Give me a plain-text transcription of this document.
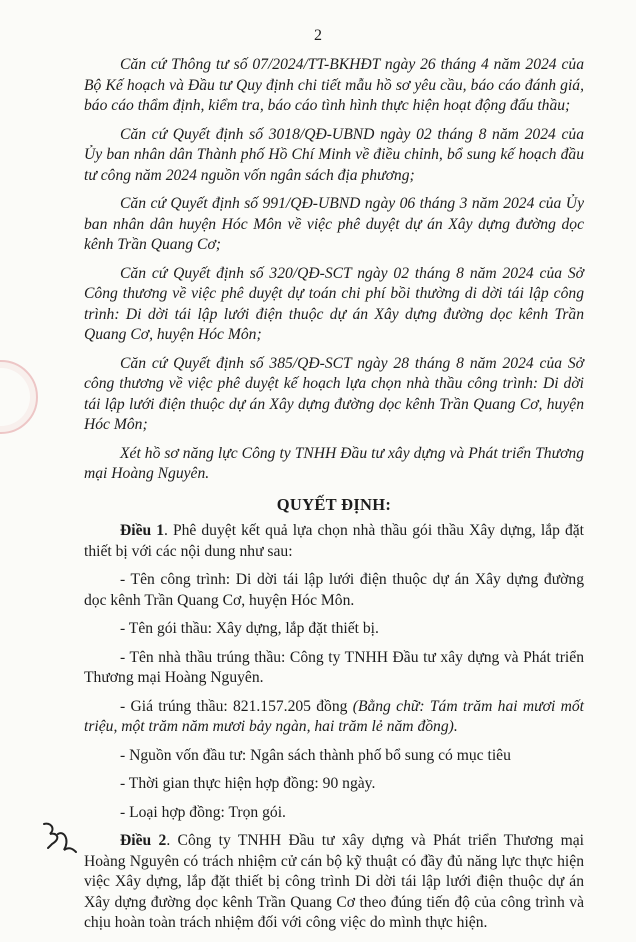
2

Căn cứ Thông tư số 07/2024/TT-BKHĐT ngày 26 tháng 4 năm 2024 của Bộ Kế hoạch và Đầu tư Quy định chi tiết mẫu hồ sơ yêu cầu, báo cáo đánh giá, báo cáo thẩm định, kiểm tra, báo cáo tình hình thực hiện hoạt động đấu thầu;

Căn cứ Quyết định số 3018/QĐ-UBND ngày 02 tháng 8 năm 2024 của Ủy ban nhân dân Thành phố Hồ Chí Minh về điều chỉnh, bổ sung kế hoạch đầu tư công năm 2024 nguồn vốn ngân sách địa phương;

Căn cứ Quyết định số 991/QĐ-UBND ngày 06 tháng 3 năm 2024 của Ủy ban nhân dân huyện Hóc Môn về việc phê duyệt dự án Xây dựng đường dọc kênh Trần Quang Cơ;

Căn cứ Quyết định số 320/QĐ-SCT ngày 02 tháng 8 năm 2024 của Sở Công thương về việc phê duyệt dự toán chi phí bồi thường di dời tái lập công trình: Di dời tái lập lưới điện thuộc dự án Xây dựng đường dọc kênh Trần Quang Cơ, huyện Hóc Môn;

Căn cứ Quyết định số 385/QĐ-SCT ngày 28 tháng 8 năm 2024 của Sở công thương về việc phê duyệt kế hoạch lựa chọn nhà thầu công trình: Di dời tái lập lưới điện thuộc dự án Xây dựng đường dọc kênh Trần Quang Cơ, huyện Hóc Môn;

Xét hồ sơ năng lực Công ty TNHH Đầu tư xây dựng và Phát triển Thương mại Hoàng Nguyên.

QUYẾT ĐỊNH:

Điều 1. Phê duyệt kết quả lựa chọn nhà thầu gói thầu Xây dựng, lắp đặt thiết bị với các nội dung như sau:

- Tên công trình: Di dời tái lập lưới điện thuộc dự án Xây dựng đường dọc kênh Trần Quang Cơ, huyện Hóc Môn.

- Tên gói thầu: Xây dựng, lắp đặt thiết bị.

- Tên nhà thầu trúng thầu: Công ty TNHH Đầu tư xây dựng và Phát triển Thương mại Hoàng Nguyên.

- Giá trúng thầu: 821.157.205 đồng (Bằng chữ: Tám trăm hai mươi mốt triệu, một trăm năm mươi bảy ngàn, hai trăm lẻ năm đồng).

- Nguồn vốn đầu tư: Ngân sách thành phố bổ sung có mục tiêu

- Thời gian thực hiện hợp đồng: 90 ngày.

- Loại hợp đồng: Trọn gói.

Điều 2. Công ty TNHH Đầu tư xây dựng và Phát triển Thương mại Hoàng Nguyên có trách nhiệm cử cán bộ kỹ thuật có đầy đủ năng lực thực hiện việc Xây dựng, lắp đặt thiết bị công trình Di dời tái lập lưới điện thuộc dự án Xây dựng đường dọc kênh Trần Quang Cơ theo đúng tiến độ của công trình và chịu hoàn toàn trách nhiệm đối với công việc do mình thực hiện.
